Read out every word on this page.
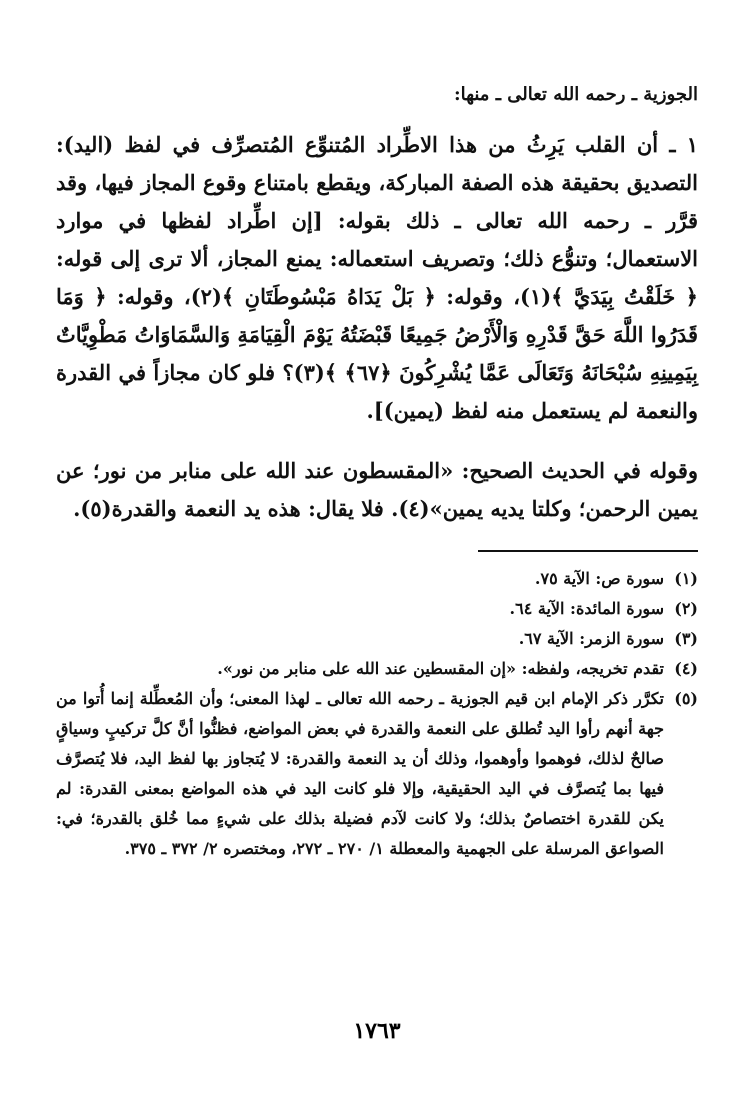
الجوزية ـ رحمه الله تعالى ـ منها:

١ ـ أن القلب يَرِثُ من هذا الاطِّراد المُتنوِّع المُتصرِّف في لفظ (اليد): التصديق بحقيقة هذه الصفة المباركة، ويقطع بامتناع وقوع المجاز فيها، وقد قرَّر ـ رحمه الله تعالى ـ ذلك بقوله: [إن اطِّراد لفظها في موارد الاستعمال؛ وتنوُّع ذلك؛ وتصريف استعماله: يمنع المجاز، ألا ترى إلى قوله: ﴿ خَلَقْتُ بِيَدَيَّ ﴾(١)، وقوله: ﴿ بَلْ يَدَاهُ مَبْسُوطَتَانِ ﴾(٢)، وقوله: ﴿ وَمَا قَدَرُوا اللَّهَ حَقَّ قَدْرِهِ وَالْأَرْضُ جَمِيعًا قَبْضَتُهُ يَوْمَ الْقِيَامَةِ وَالسَّمَاوَاتُ مَطْوِيَّاتٌ بِيَمِينِهِ سُبْحَانَهُ وَتَعَالَى عَمَّا يُشْرِكُونَ ﴿٦٧﴾ ﴾(٣)؟ فلو كان مجازاً في القدرة والنعمة لم يستعمل منه لفظ (يمين)].

وقوله في الحديث الصحيح: «المقسطون عند الله على منابر من نور؛ عن يمين الرحمن؛ وكلتا يديه يمين»(٤). فلا يقال: هذه يد النعمة والقدرة(٥).

(١)
سورة ص: الآية ٧٥.
(٢)
سورة المائدة: الآية ٦٤.
(٣)
سورة الزمر: الآية ٦٧.
(٤)
تقدم تخريجه، ولفظه: «إن المقسطين عند الله على منابر من نور».
(٥)
تكرَّر ذكر الإمام ابن قيم الجوزية ـ رحمه الله تعالى ـ لهذا المعنى؛ وأن المُعطِّلة إنما أُتوا من جهة أنهم رأوا اليد تُطلق على النعمة والقدرة في بعض المواضع، فظنُّوا أنَّ كلَّ تركيبٍ وسياقٍ صالحٌ لذلك، فوهموا وأوهموا، وذلك أن يد النعمة والقدرة: لا يُتجاوز بها لفظ اليد، فلا يُتصرَّف فيها بما يُتصرَّف في اليد الحقيقية، وإلا فلو كانت اليد في هذه المواضع بمعنى القدرة: لم يكن للقدرة اختصاصٌ بذلك؛ ولا كانت لآدم فضيلة بذلك على شيءٍ مما خُلق بالقدرة؛ في: الصواعق المرسلة على الجهمية والمعطلة ١/ ٢٧٠ ـ ٢٧٢، ومختصره ٢/ ٣٧٢ ـ ٣٧٥.
١٧٦٣
